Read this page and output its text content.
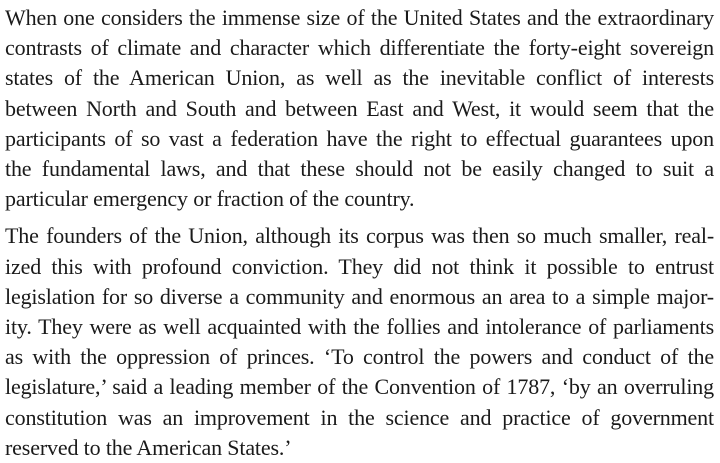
When one considers the immense size of the United States and the extraordinary
contrasts of climate and character which differentiate the forty-eight sovereign
states of the American Union, as well as the inevitable conflict of interests
between North and South and between East and West, it would seem that the
participants of so vast a federation have the right to effectual guarantees upon
the fundamental laws, and that these should not be easily changed to suit a
particular emergency or fraction of the country.

The founders of the Union, although its corpus was then so much smaller, real-
ized this with profound conviction. They did not think it possible to entrust
legislation for so diverse a community and enormous an area to a simple major-
ity. They were as well acquainted with the follies and intolerance of parliaments
as with the oppression of princes. ‘To control the powers and conduct of the
legislature,’ said a leading member of the Convention of 1787, ‘by an overruling
constitution was an improvement in the science and practice of government
reserved to the American States.’
